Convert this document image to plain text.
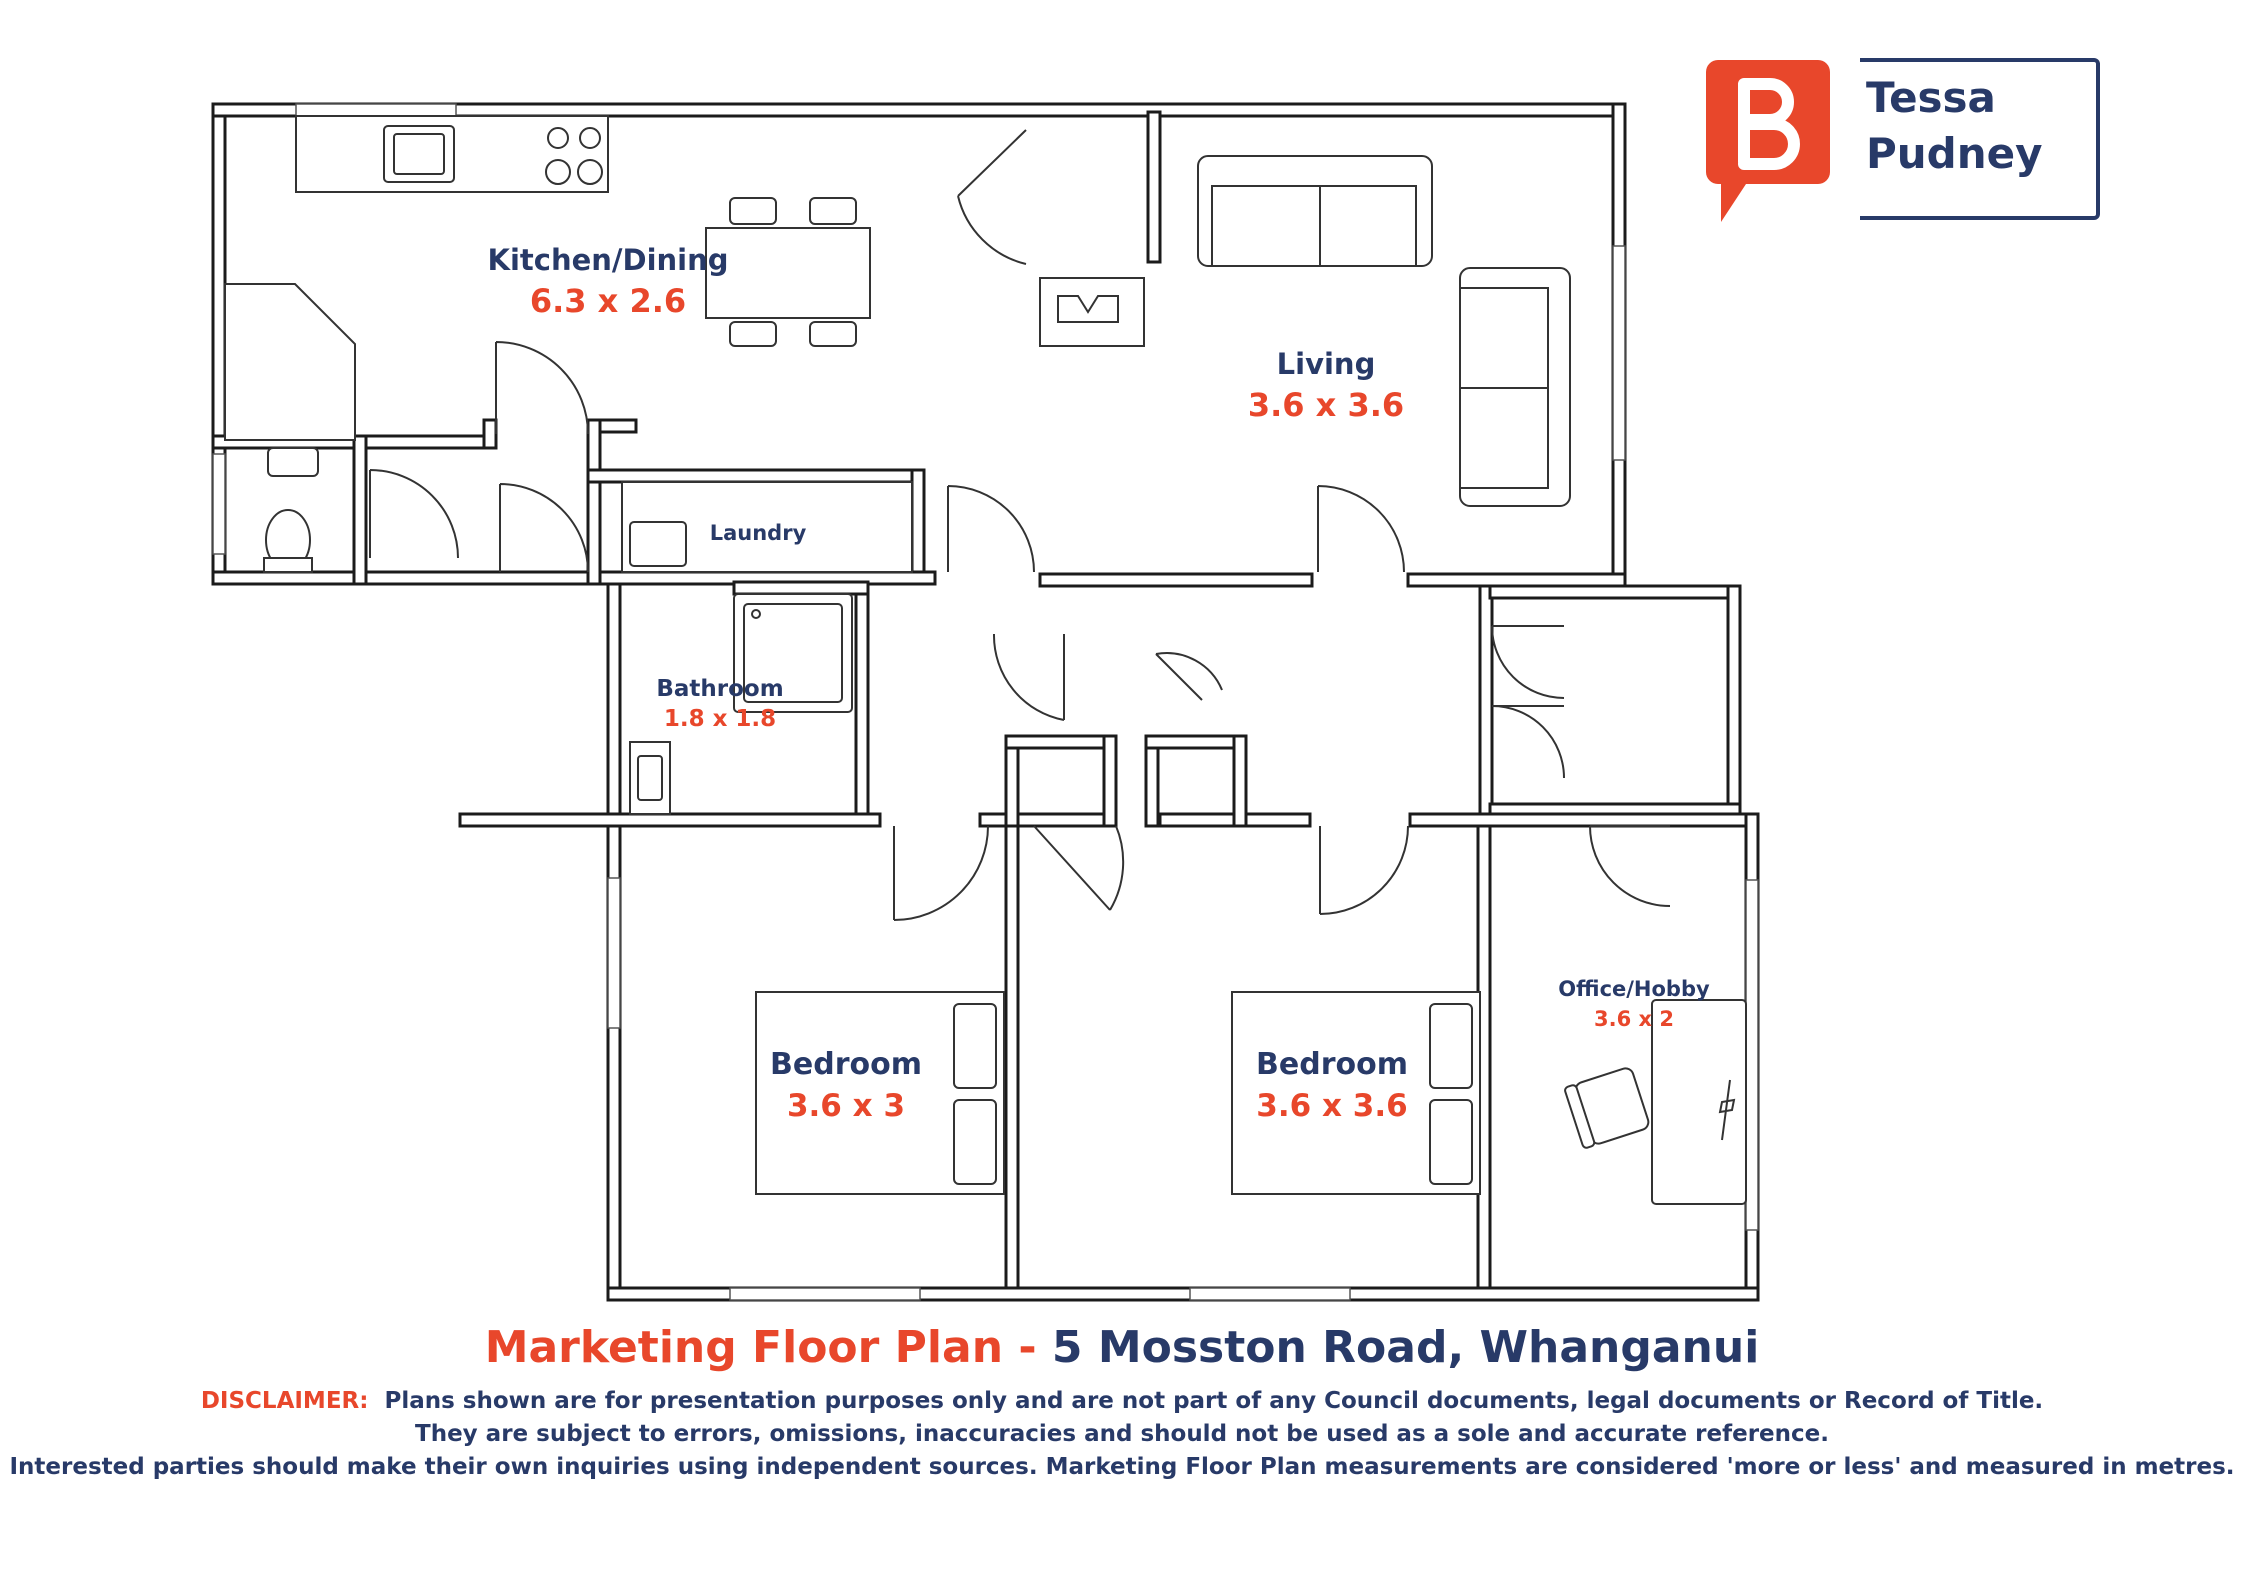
Kitchen/Dining
6.3 x 2.6
Living
3.6 x 3.6
Laundry
Bathroom
1.8 x 1.8
Bedroom
3.6 x 3
Bedroom
3.6 x 3.6
Office/Hobby
3.6 x 2
Tessa
Pudney
Marketing Floor Plan - 5 Mosston Road, Whanganui
DISCLAIMER:  Plans shown are for presentation purposes only and are not part of any Council documents, legal documents or Record of Title.
They are subject to errors, omissions, inaccuracies and should not be used as a sole and accurate reference.
Interested parties should make their own inquiries using independent sources. Marketing Floor Plan measurements are considered 'more or less' and measured in metres.
